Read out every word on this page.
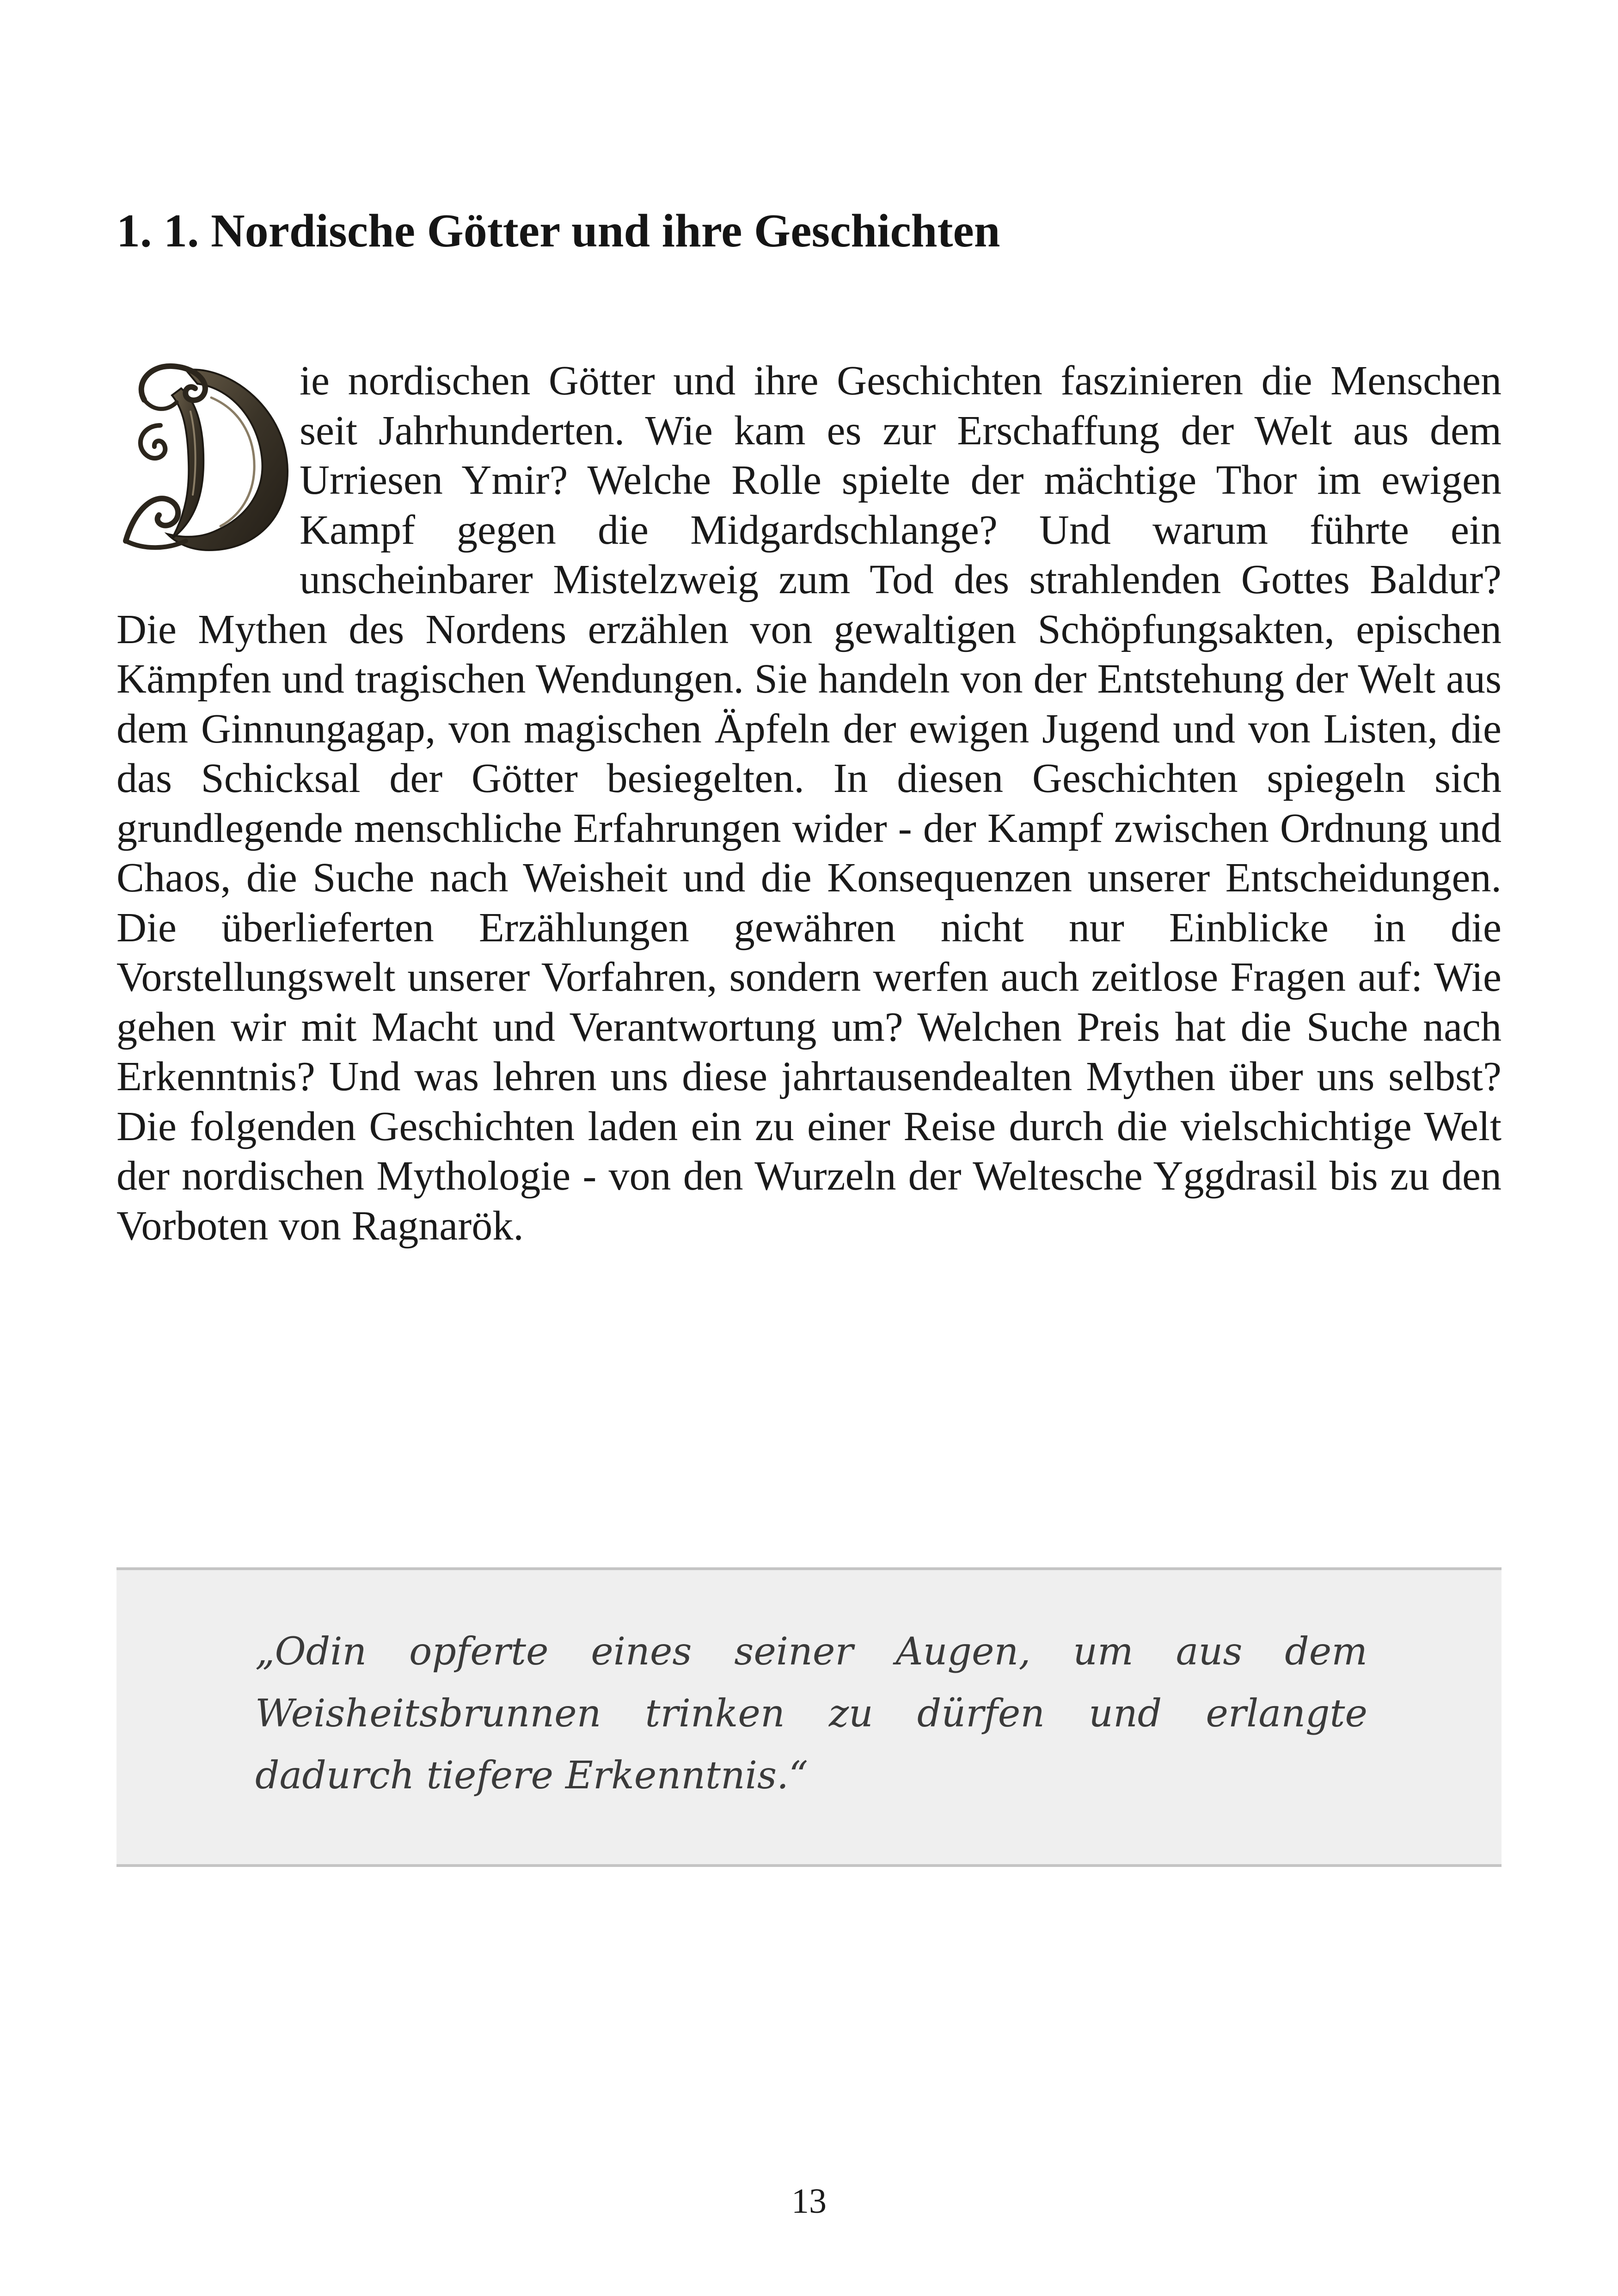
1. 1. Nordische Götter und ihre Geschichten
ie nordischen Götter und ihre Geschichten faszinieren die Menschen seit Jahrhunderten. Wie kam es zur Erschaffung der Welt aus dem Urriesen Ymir? Welche Rolle spielte der mächtige Thor im ewigen Kampf gegen die Midgardschlange? Und warum führte ein unscheinbarer Mistelzweig zum Tod des strahlenden Gottes Baldur? Die Mythen des Nordens erzählen von gewaltigen Schöpfungsakten, epischen Kämpfen und tragischen Wendungen. Sie handeln von der Entstehung der Welt aus dem Ginnungagap, von magischen Äpfeln der ewigen Jugend und von Listen, die das Schicksal der Götter besiegelten. In diesen Geschichten spiegeln sich grundlegende menschliche Erfahrungen wider - der Kampf zwischen Ordnung und Chaos, die Suche nach Weisheit und die Konsequenzen unserer Entscheidungen. Die überlieferten Erzählungen gewähren nicht nur Einblicke in die Vorstellungswelt unserer Vorfahren, sondern werfen auch zeitlose Fragen auf: Wie gehen wir mit Macht und Verantwortung um? Welchen Preis hat die Suche nach Erkenntnis? Und was lehren uns diese jahrtausendealten Mythen über uns selbst? Die folgenden Geschichten laden ein zu einer Reise durch die vielschichtige Welt der nordischen Mythologie - von den Wurzeln der Weltesche Yggdrasil bis zu den Vorboten von Ragnarök.

„Odin opferte eines seiner Augen, um aus dem Weisheitsbrunnen trinken zu dürfen und erlangte dadurch tiefere Erkenntnis.“

13
